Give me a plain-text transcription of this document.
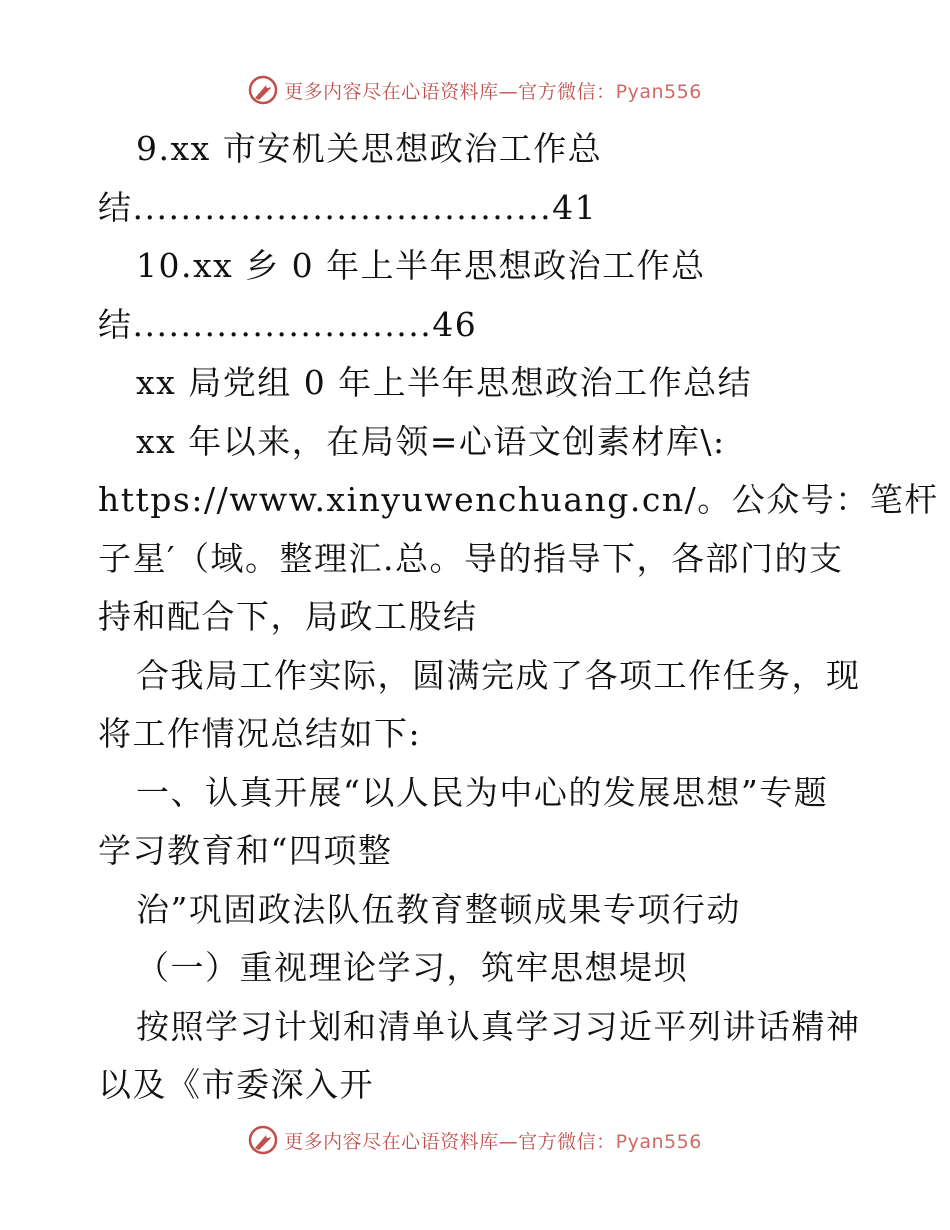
更多内容尽在心语资料库—官方微信：Pyan556
9.xx 市安机关思想政治工作总
结...................................41
10.xx 乡 0 年上半年思想政治工作总
结.........................46
xx 局党组 0 年上半年思想政治工作总结
xx 年以来，在局领=心语文创素材库\:
https://www.xinyuwenchuang.cn/。公众号：笔杆
子星′（域。整理汇.总。导的指导下，各部门的支
持和配合下，局政工股结
合我局工作实际，圆满完成了各项工作任务，现
将工作情况总结如下:
一、认真开展“以人民为中心的发展思想”专题
学习教育和“四项整
治”巩固政法队伍教育整顿成果专项行动
（一）重视理论学习，筑牢思想堤坝
按照学习计划和清单认真学习习近平列讲话精神
以及《市委深入开
更多内容尽在心语资料库—官方微信：Pyan556
